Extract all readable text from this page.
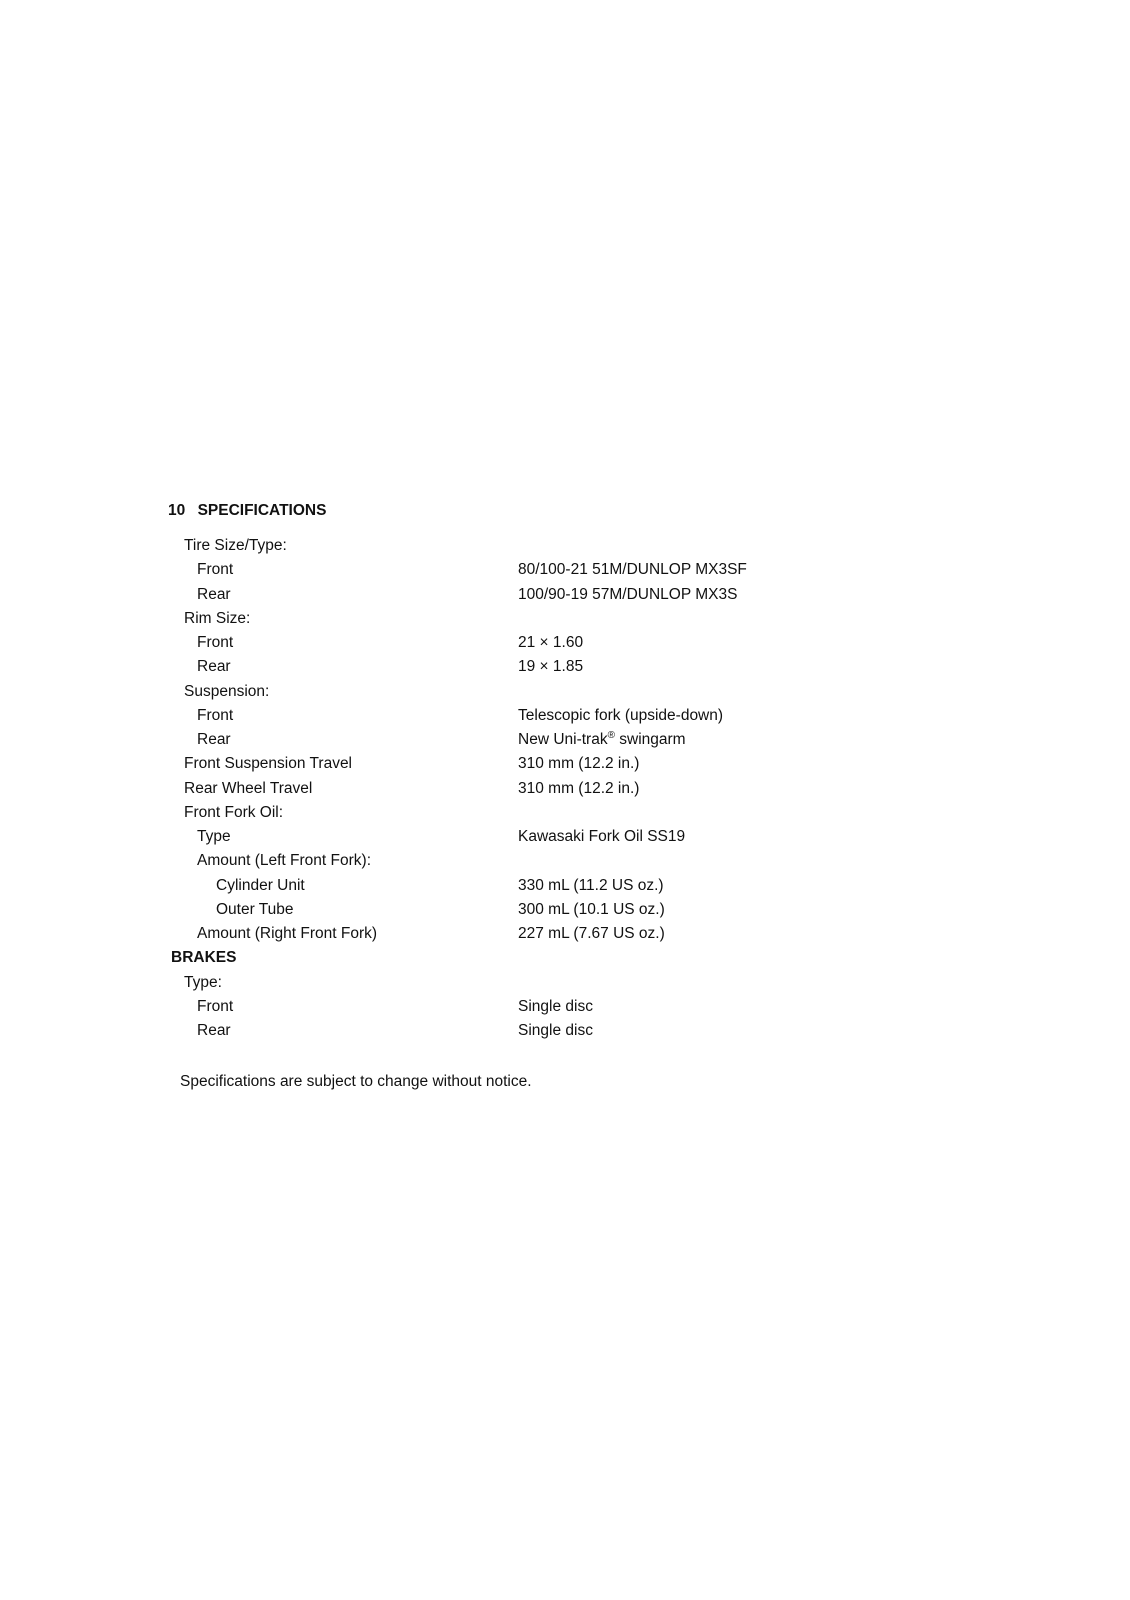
10 SPECIFICATIONS
Tire Size/Type:
Front	80/100-21 51M/DUNLOP MX3SF
Rear	100/90-19 57M/DUNLOP MX3S
Rim Size:
Front	21 × 1.60
Rear	19 × 1.85
Suspension:
Front	Telescopic fork (upside-down)
Rear	New Uni-trak® swingarm
Front Suspension Travel	310 mm (12.2 in.)
Rear Wheel Travel	310 mm (12.2 in.)
Front Fork Oil:
Type	Kawasaki Fork Oil SS19
Amount (Left Front Fork):
Cylinder Unit	330 mL (11.2 US oz.)
Outer Tube	300 mL (10.1 US oz.)
Amount (Right Front Fork)	227 mL (7.67 US oz.)
BRAKES
Type:
Front	Single disc
Rear	Single disc
Specifications are subject to change without notice.
